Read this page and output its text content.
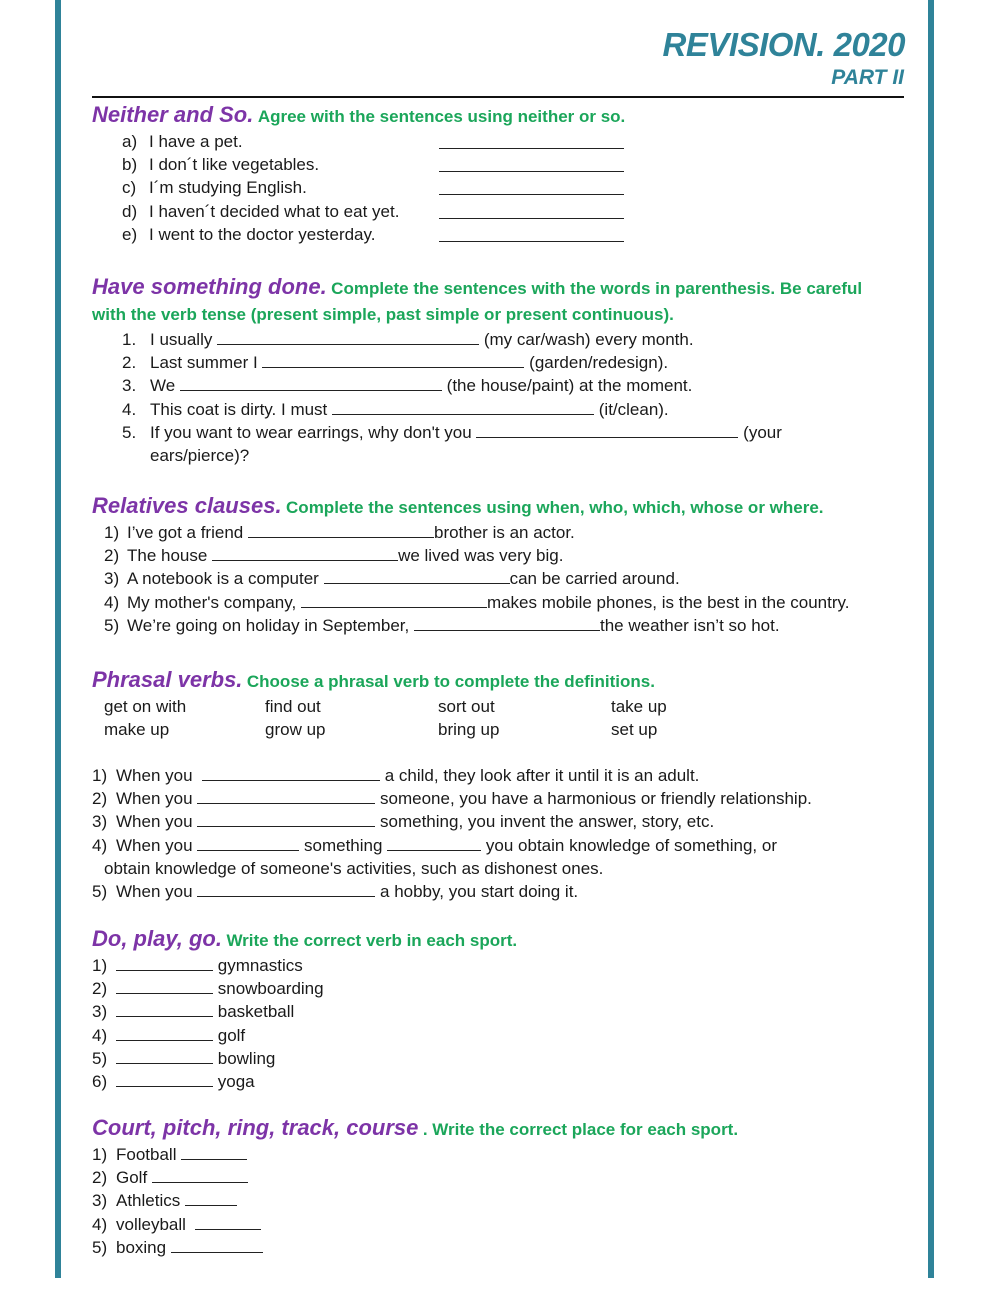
REVISION. 2020
PART II
Neither and So. Agree with the sentences using neither or so.
a) I have a pet.
b) I don´t like vegetables.
c) I´m studying English.
d) I haven´t decided what to eat yet.
e) I went to the doctor yesterday.
Have something done. Complete the sentences with the words in parenthesis. Be careful with the verb tense (present simple, past simple or present continuous).
1. I usually	(my car/wash) every month.
2. Last summer I	(garden/redesign).
3. We	(the house/paint) at the moment.
4. This coat is dirty. I must	(it/clean).
5. If you want to wear earrings, why don't you	(your
ears/pierce)?
Relatives clauses. Complete the sentences using when, who, which, whose or where.
1) I’ve got a friend	brother is an actor.
2) The house	we lived was very big.
3) A notebook is a computer	can be carried around.
4) My mother's company,	makes mobile phones, is the best in the country.
5) We’re going on holiday in September,	the weather isn’t so hot.
Phrasal verbs. Choose a phrasal verb to complete the definitions.
get on with	find out	sort out	take up
make up	grow up	bring up	set up
1) When you	a child, they look after it until it is an adult.
2) When you	someone, you have a harmonious or friendly relationship.
3) When you	something, you invent the answer, story, etc.
4) When you	something	you obtain knowledge of something, or
obtain knowledge of someone's activities, such as dishonest ones.
5) When you	a hobby, you start doing it.
Do, play, go. Write the correct verb in each sport.
1)	gymnastics
2)	snowboarding
3)	basketball
4)	golf
5)	bowling
6)	yoga
Court, pitch, ring, track, course . Write the correct place for each sport.
1) Football
2) Golf
3) Athletics
4) volleyball
5) boxing
